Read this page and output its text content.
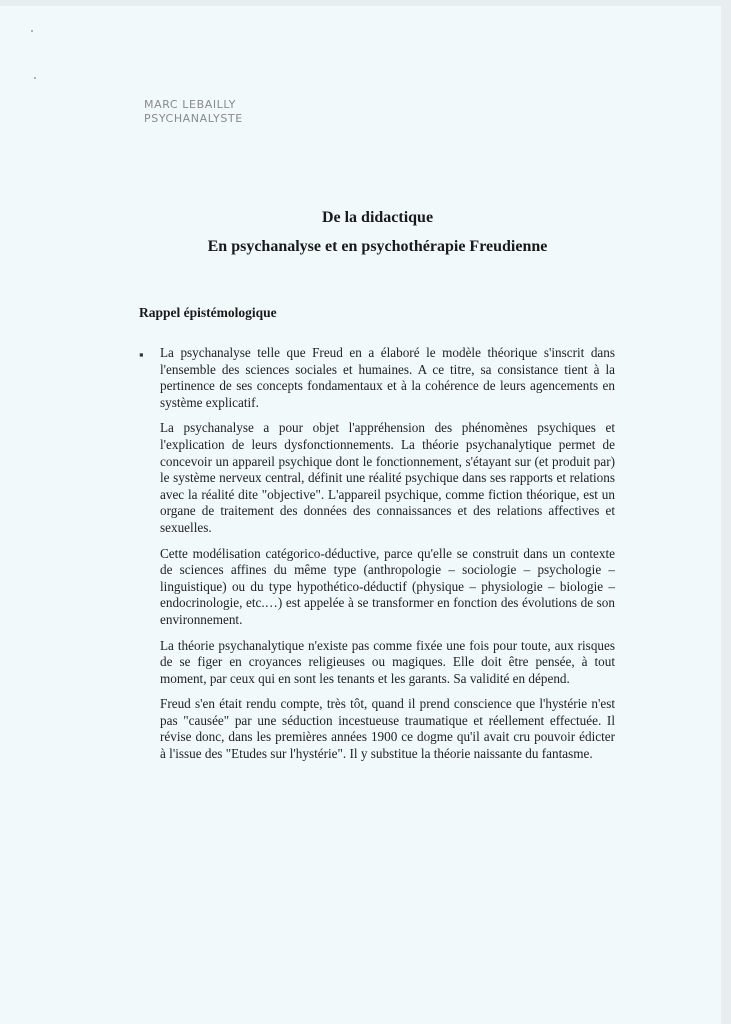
MARC LEBAILLY
PSYCHANALYSTE
De la didactique
En psychanalyse et en psychothérapie Freudienne
Rappel épistémologique
▪ La psychanalyse telle que Freud en a élaboré le modèle théorique s'inscrit dans l'ensemble des sciences sociales et humaines. A ce titre, sa consistance tient à la pertinence de ses concepts fondamentaux et à la cohérence de leurs agencements en système explicatif.

La psychanalyse a pour objet l'appréhension des phénomènes psychiques et l'explication de leurs dysfonctionnements. La théorie psychanalytique permet de concevoir un appareil psychique dont le fonctionnement, s'étayant sur (et produit par) le système nerveux central, définit une réalité psychique dans ses rapports et relations avec la réalité dite "objective". L'appareil psychique, comme fiction théorique, est un organe de traitement des données des connaissances et des relations affectives et sexuelles.

Cette modélisation catégorico-déductive, parce qu'elle se construit dans un contexte de sciences affines du même type (anthropologie – sociologie – psychologie – linguistique) ou du type hypothético-déductif (physique – physiologie – biologie – endocrinologie, etc.…) est appelée à se transformer en fonction des évolutions de son environnement.

La théorie psychanalytique n'existe pas comme fixée une fois pour toute, aux risques de se figer en croyances religieuses ou magiques. Elle doit être pensée, à tout moment, par ceux qui en sont les tenants et les garants. Sa validité en dépend.

Freud s'en était rendu compte, très tôt, quand il prend conscience que l'hystérie n'est pas "causée" par une séduction incestueuse traumatique et réellement effectuée. Il révise donc, dans les premières années 1900 ce dogme qu'il avait cru pouvoir édicter à l'issue des "Etudes sur l'hystérie". Il y substitue la théorie naissante du fantasme.
